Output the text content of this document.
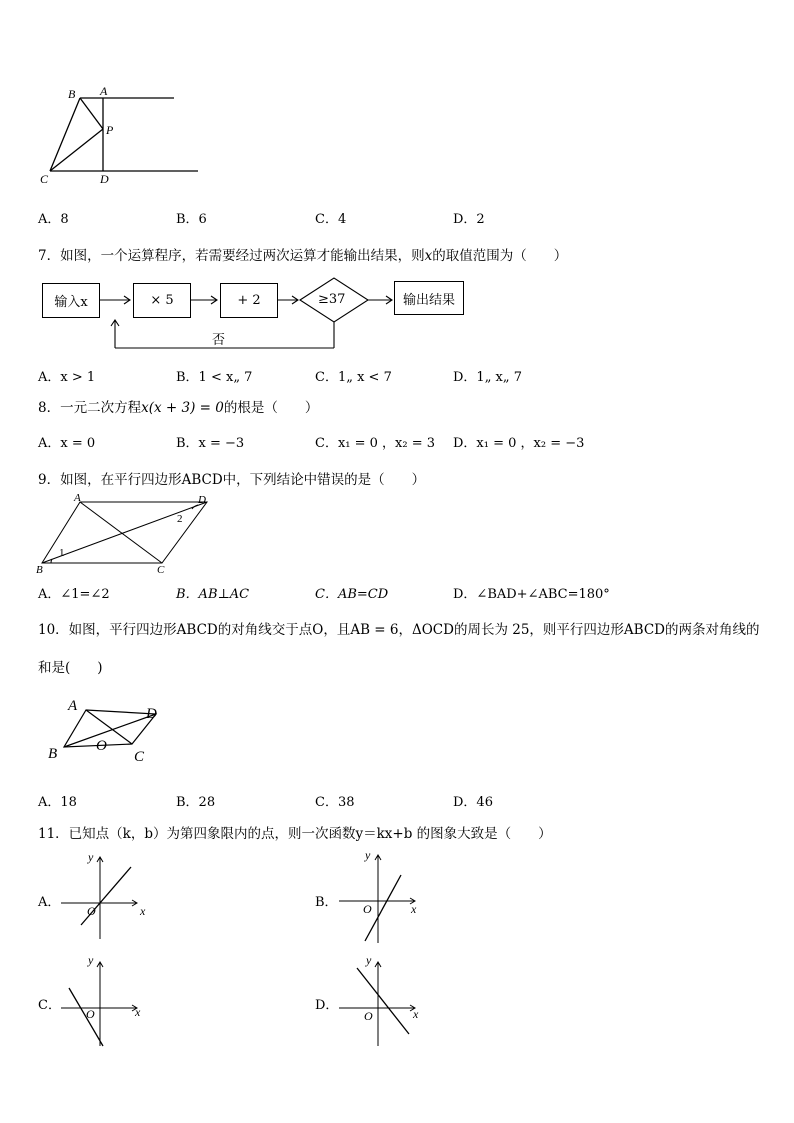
B A
P
C	D
A．8	B．6	C．4	D．2
7．如图，一个运算程序，若需要经过两次运算才能输出结果，则x的取值范围为（　　）
输入x	× 5	+ 2	≥37	输出结果
否
A．x > 1	B．1 < x„ 7	C．1„ x < 7	D．1„ x„ 7
8．一元二次方程x(x + 3) = 0的根是（　　）
A．x = 0	B．x = −3	C．x₁ = 0 ，x₂ = 3 D．x₁ = 0 ，x₂ = −3
9．如图，在平行四边形ABCD中，下列结论中错误的是（　　）
A	D
B	C
1
2
A．∠1=∠2	B．AB⊥AC	C．AB=CD	D．∠BAD+∠ABC=180°
10．如图，平行四边形ABCD的对角线交于点O，且AB = 6，ΔOCD的周长为 25，则平行四边形ABCD的两条对角线的
和是(　　)
A	D
B	O
C
A．18	B．28	C．38	D．46
11．已知点（k，b）为第四象限内的点，则一次函数y＝kx+b 的图象大致是（　　）
A．
x
y
O
B．	x
y
O
C．	x
y
O
D．
x
y
O
